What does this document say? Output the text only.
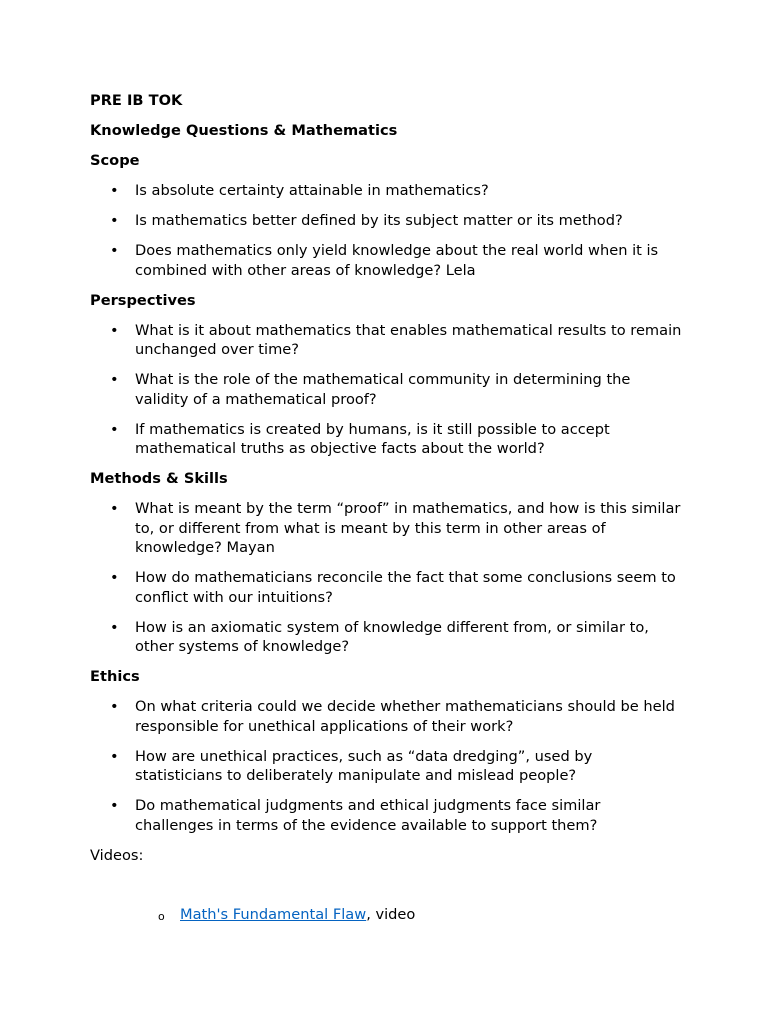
PRE IB TOK
Knowledge Questions & Mathematics
Scope
• Is absolute certainty attainable in mathematics?
• Is mathematics better defined by its subject matter or its method?
• Does mathematics only yield knowledge about the real world when it is combined with other areas of knowledge? Lela
Perspectives
• What is it about mathematics that enables mathematical results to remain unchanged over time?
• What is the role of the mathematical community in determining the validity of a mathematical proof?
• If mathematics is created by humans, is it still possible to accept mathematical truths as objective facts about the world?
Methods & Skills
• What is meant by the term “proof” in mathematics, and how is this similar to, or different from what is meant by this term in other areas of knowledge? Mayan
• How do mathematicians reconcile the fact that some conclusions seem to conflict with our intuitions?
• How is an axiomatic system of knowledge different from, or similar to, other systems of knowledge?
Ethics
• On what criteria could we decide whether mathematicians should be held responsible for unethical applications of their work?
• How are unethical practices, such as “data dredging”, used by statisticians to deliberately manipulate and mislead people?
• Do mathematical judgments and ethical judgments face similar challenges in terms of the evidence available to support them?
Videos:
o Math's Fundamental Flaw, video
